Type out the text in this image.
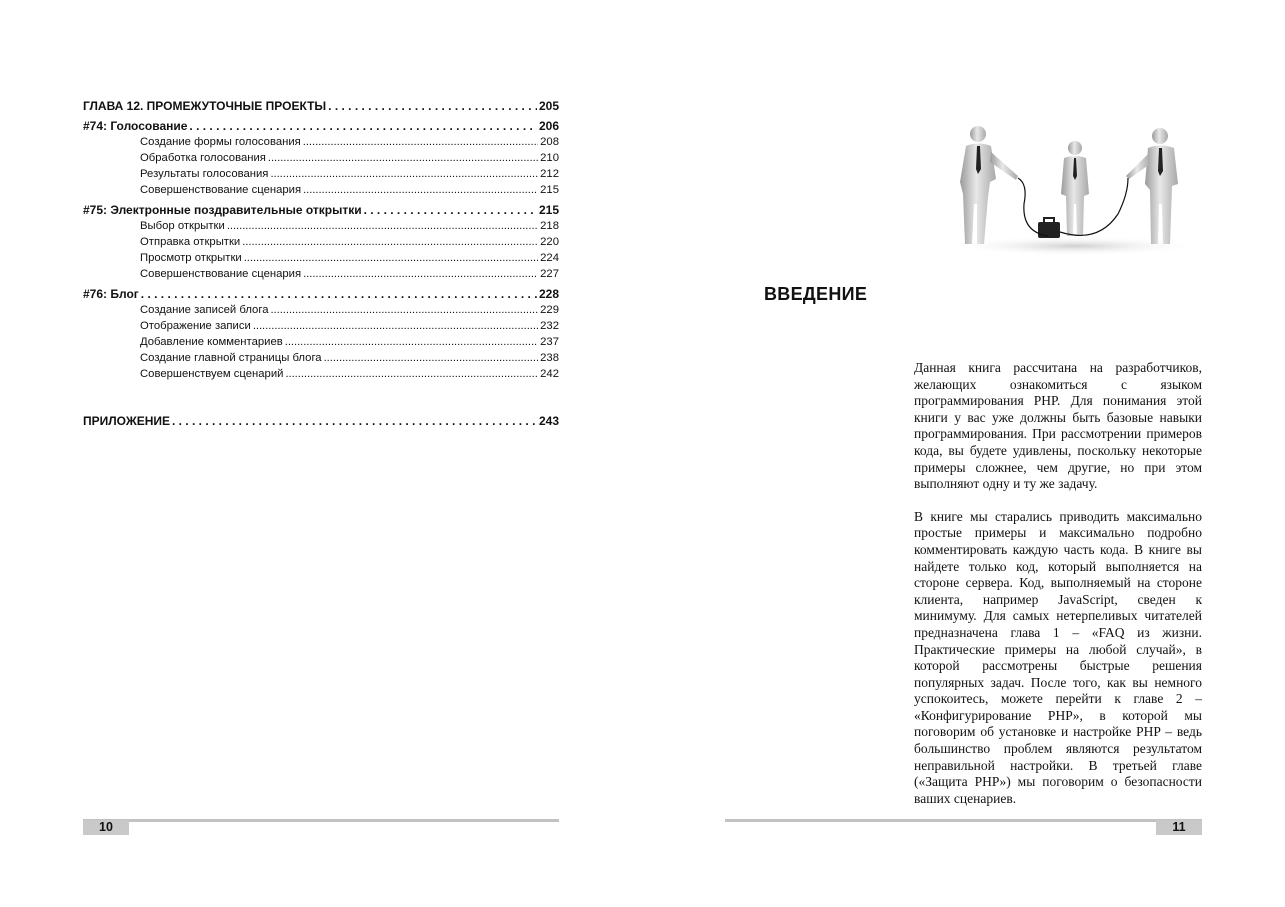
ГЛАВА 12. ПРОМЕЖУТОЧНЫЕ ПРОЕКТЫ . . .	205
#74: Голосование . . .	206
Создание формы голосования . . .	208
Обработка голосования . . .	210
Результаты голосования . . .	212
Совершенствование сценария . . .	215
#75: Электронные поздравительные открытки . . .	215
Выбор открытки . . .	218
Отправка открытки . . .	220
Просмотр открытки . . .	224
Совершенствование сценария . . .	227
#76: Блог . . .	228
Создание записей блога . . .	229
Отображение записи . . .	232
Добавление комментариев . . .	237
Создание главной страницы блога . . .	238
Совершенствуем сценарий . . .	242
ПРИЛОЖЕНИЕ . . .	243
10
ВВЕДЕНИЕ

Данная книга рассчитана на разработчиков, желающих ознакомиться с языком программирования PHP. Для понимания этой книги у вас уже должны быть базовые навыки программирования. При рассмотрении примеров кода, вы будете удивлены, поскольку некоторые примеры сложнее, чем другие, но при этом выполняют одну и ту же задачу.

В книге мы старались приводить максимально простые примеры и максимально подробно комментировать каждую часть кода. В книге вы найдете только код, который выполняется на стороне сервера. Код, выполняемый на стороне клиента, например JavaScript, сведен к минимуму. Для самых нетерпеливых читателей предназначена глава 1 – «FAQ из жизни. Практические примеры на любой случай», в которой рассмотрены быстрые решения популярных задач. После того, как вы немного успокоитесь, можете перейти к главе 2 – «Конфигурирование PHP», в которой мы поговорим об установке и настройке PHP – ведь большинство проблем являются результатом неправильной настройки. В третьей главе («Защита PHP») мы поговорим о безопасности ваших сценариев.

11
